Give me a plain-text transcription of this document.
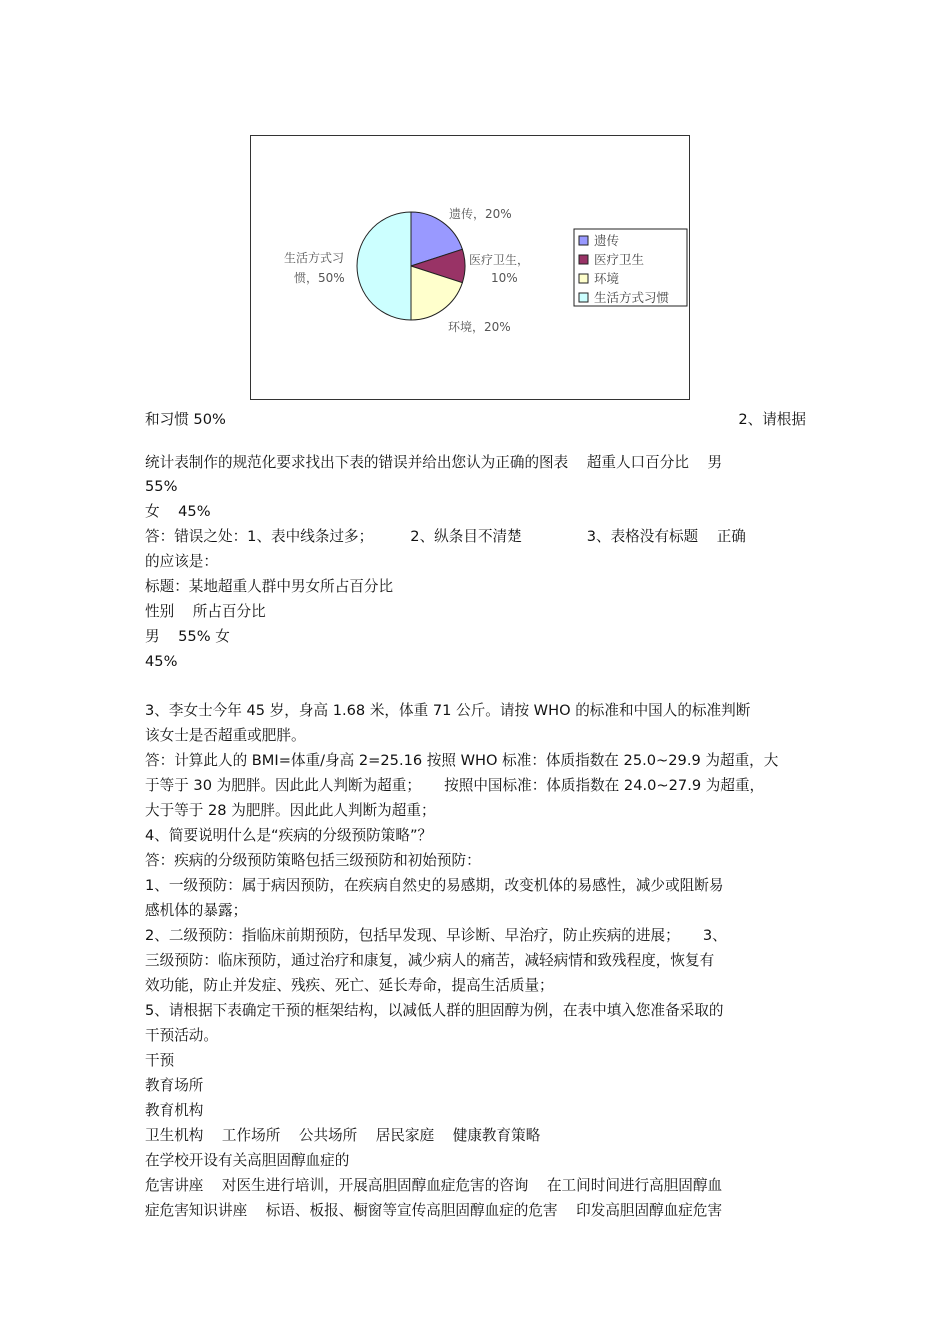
遗传，20%
医疗卫生，
10%
环境，20%
生活方式习
惯，50%
遗传
医疗卫生
环境
生活方式习惯
和习惯 50%	2、请根据
统计表制作的规范化要求找出下表的错误并给出您认为正确的图表    超重人口百分比    男
55%
女    45%
答：错误之处：1、表中线条过多；        2、纵条目不清楚              3、表格没有标题    正确
的应该是：
标题：某地超重人群中男女所占百分比
性别    所占百分比
男    55% 女
45%
3、李女士今年 45 岁，身高 1.68 米，体重 71 公斤。请按 WHO 的标准和中国人的标准判断
该女士是否超重或肥胖。
答：计算此人的 BMI=体重/身高 2=25.16 按照 WHO 标准：体质指数在 25.0~29.9 为超重，大
于等于 30 为肥胖。因此此人判断为超重；     按照中国标准：体质指数在 24.0~27.9 为超重，
大于等于 28 为肥胖。因此此人判断为超重；
4、简要说明什么是“疾病的分级预防策略”？
答：疾病的分级预防策略包括三级预防和初始预防：
1、一级预防：属于病因预防，在疾病自然史的易感期，改变机体的易感性，减少或阻断易
感机体的暴露；
2、二级预防：指临床前期预防，包括早发现、早诊断、早治疗，防止疾病的进展；     3、
三级预防：临床预防，通过治疗和康复，减少病人的痛苦，减轻病情和致残程度，恢复有
效功能，防止并发症、残疾、死亡、延长寿命，提高生活质量；
5、请根据下表确定干预的框架结构，以减低人群的胆固醇为例，在表中填入您准备采取的
干预活动。
干预
教育场所
教育机构
卫生机构    工作场所    公共场所    居民家庭    健康教育策略
在学校开设有关高胆固醇血症的
危害讲座    对医生进行培训，开展高胆固醇血症危害的咨询    在工间时间进行高胆固醇血
症危害知识讲座    标语、板报、橱窗等宣传高胆固醇血症的危害    印发高胆固醇血症危害
